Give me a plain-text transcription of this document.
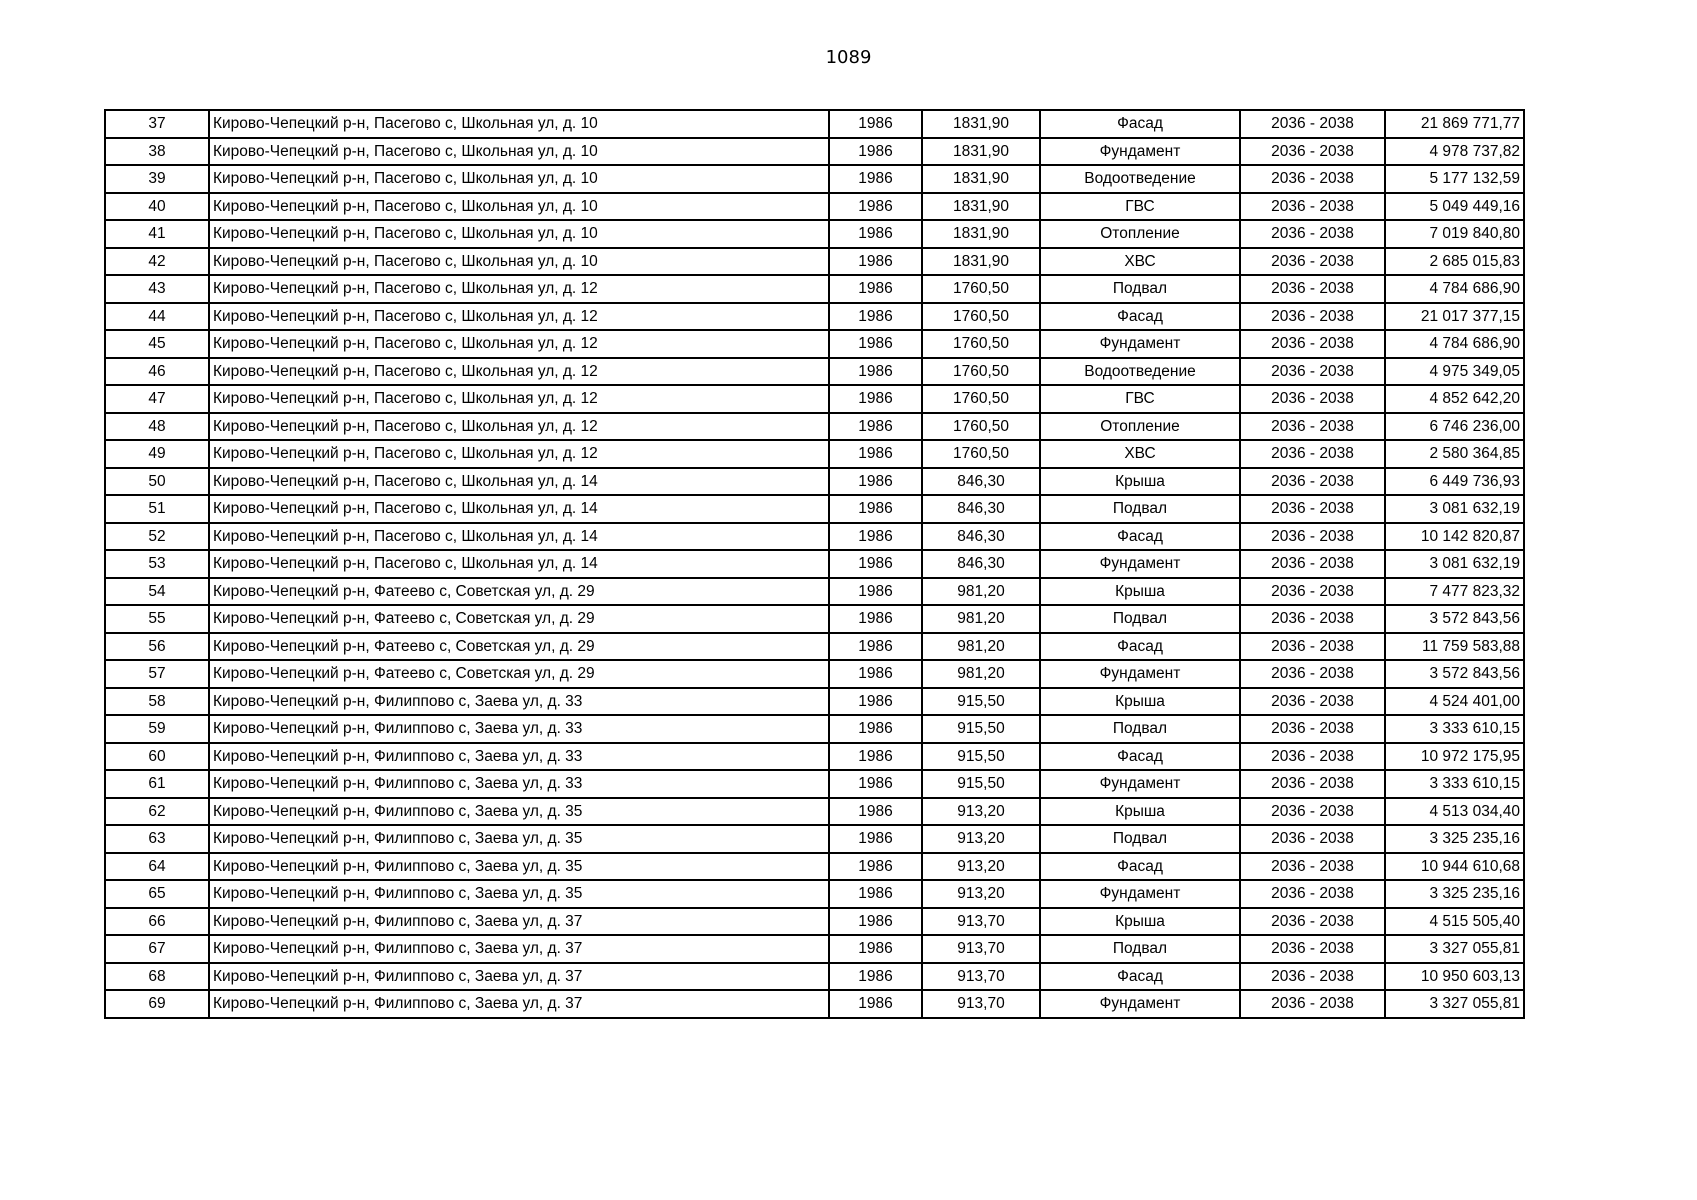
1089
37	Кирово-Чепецкий р-н, Пасегово с, Школьная ул, д. 10	1986	1831,90	Фасад	2036 - 2038	21 869 771,77
38	Кирово-Чепецкий р-н, Пасегово с, Школьная ул, д. 10	1986	1831,90	Фундамент	2036 - 2038	4 978 737,82
39	Кирово-Чепецкий р-н, Пасегово с, Школьная ул, д. 10	1986	1831,90	Водоотведение	2036 - 2038	5 177 132,59
40	Кирово-Чепецкий р-н, Пасегово с, Школьная ул, д. 10	1986	1831,90	ГВС	2036 - 2038	5 049 449,16
41	Кирово-Чепецкий р-н, Пасегово с, Школьная ул, д. 10	1986	1831,90	Отопление	2036 - 2038	7 019 840,80
42	Кирово-Чепецкий р-н, Пасегово с, Школьная ул, д. 10	1986	1831,90	ХВС	2036 - 2038	2 685 015,83
43	Кирово-Чепецкий р-н, Пасегово с, Школьная ул, д. 12	1986	1760,50	Подвал	2036 - 2038	4 784 686,90
44	Кирово-Чепецкий р-н, Пасегово с, Школьная ул, д. 12	1986	1760,50	Фасад	2036 - 2038	21 017 377,15
45	Кирово-Чепецкий р-н, Пасегово с, Школьная ул, д. 12	1986	1760,50	Фундамент	2036 - 2038	4 784 686,90
46	Кирово-Чепецкий р-н, Пасегово с, Школьная ул, д. 12	1986	1760,50	Водоотведение	2036 - 2038	4 975 349,05
47	Кирово-Чепецкий р-н, Пасегово с, Школьная ул, д. 12	1986	1760,50	ГВС	2036 - 2038	4 852 642,20
48	Кирово-Чепецкий р-н, Пасегово с, Школьная ул, д. 12	1986	1760,50	Отопление	2036 - 2038	6 746 236,00
49	Кирово-Чепецкий р-н, Пасегово с, Школьная ул, д. 12	1986	1760,50	ХВС	2036 - 2038	2 580 364,85
50	Кирово-Чепецкий р-н, Пасегово с, Школьная ул, д. 14	1986	846,30	Крыша	2036 - 2038	6 449 736,93
51	Кирово-Чепецкий р-н, Пасегово с, Школьная ул, д. 14	1986	846,30	Подвал	2036 - 2038	3 081 632,19
52	Кирово-Чепецкий р-н, Пасегово с, Школьная ул, д. 14	1986	846,30	Фасад	2036 - 2038	10 142 820,87
53	Кирово-Чепецкий р-н, Пасегово с, Школьная ул, д. 14	1986	846,30	Фундамент	2036 - 2038	3 081 632,19
54	Кирово-Чепецкий р-н, Фатеево с, Советская ул, д. 29	1986	981,20	Крыша	2036 - 2038	7 477 823,32
55	Кирово-Чепецкий р-н, Фатеево с, Советская ул, д. 29	1986	981,20	Подвал	2036 - 2038	3 572 843,56
56	Кирово-Чепецкий р-н, Фатеево с, Советская ул, д. 29	1986	981,20	Фасад	2036 - 2038	11 759 583,88
57	Кирово-Чепецкий р-н, Фатеево с, Советская ул, д. 29	1986	981,20	Фундамент	2036 - 2038	3 572 843,56
58	Кирово-Чепецкий р-н, Филиппово с, Заева ул, д. 33	1986	915,50	Крыша	2036 - 2038	4 524 401,00
59	Кирово-Чепецкий р-н, Филиппово с, Заева ул, д. 33	1986	915,50	Подвал	2036 - 2038	3 333 610,15
60	Кирово-Чепецкий р-н, Филиппово с, Заева ул, д. 33	1986	915,50	Фасад	2036 - 2038	10 972 175,95
61	Кирово-Чепецкий р-н, Филиппово с, Заева ул, д. 33	1986	915,50	Фундамент	2036 - 2038	3 333 610,15
62	Кирово-Чепецкий р-н, Филиппово с, Заева ул, д. 35	1986	913,20	Крыша	2036 - 2038	4 513 034,40
63	Кирово-Чепецкий р-н, Филиппово с, Заева ул, д. 35	1986	913,20	Подвал	2036 - 2038	3 325 235,16
64	Кирово-Чепецкий р-н, Филиппово с, Заева ул, д. 35	1986	913,20	Фасад	2036 - 2038	10 944 610,68
65	Кирово-Чепецкий р-н, Филиппово с, Заева ул, д. 35	1986	913,20	Фундамент	2036 - 2038	3 325 235,16
66	Кирово-Чепецкий р-н, Филиппово с, Заева ул, д. 37	1986	913,70	Крыша	2036 - 2038	4 515 505,40
67	Кирово-Чепецкий р-н, Филиппово с, Заева ул, д. 37	1986	913,70	Подвал	2036 - 2038	3 327 055,81
68	Кирово-Чепецкий р-н, Филиппово с, Заева ул, д. 37	1986	913,70	Фасад	2036 - 2038	10 950 603,13
69	Кирово-Чепецкий р-н, Филиппово с, Заева ул, д. 37	1986	913,70	Фундамент	2036 - 2038	3 327 055,81
